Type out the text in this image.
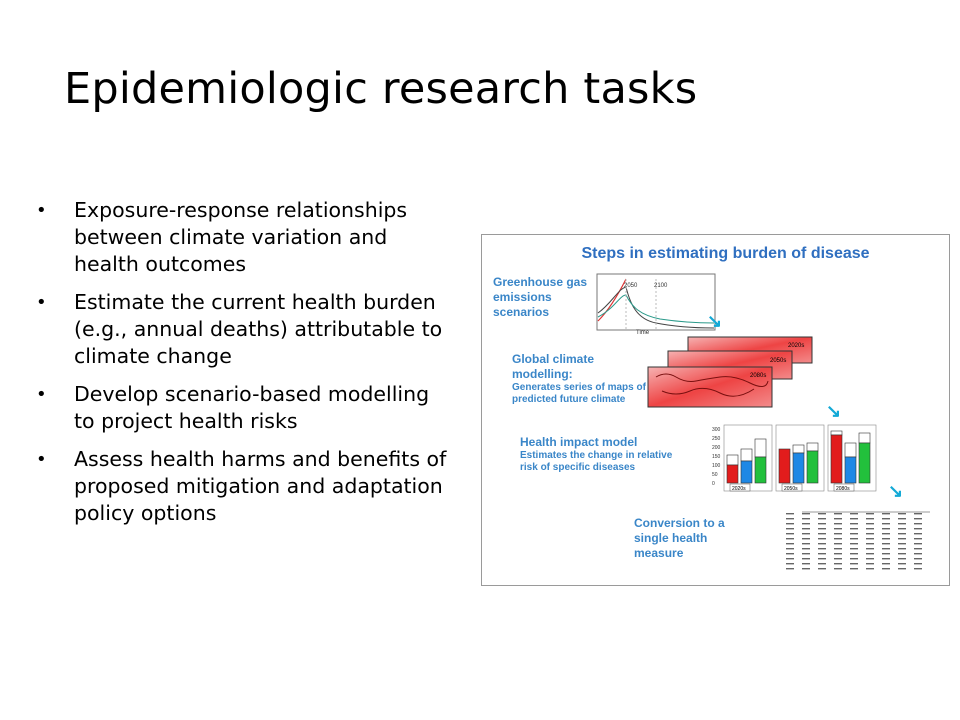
Epidemiologic research tasks
• Exposure-response relationships between climate variation and health outcomes
• Estimate the current health burden (e.g., annual deaths) attributable to climate change
• Develop scenario-based modelling to project health risks
• Assess health harms and benefits of proposed mitigation and adaptation policy options
Steps in estimating burden of disease
Greenhouse gas emissions scenarios
2050	2100
Time
↘
Global climate modelling:
Generates series of maps of predicted future climate
2020s
2050s
2080s
↘
Health impact model
Estimates the change in relative risk of specific diseases
300
250
200
150
100
50
0
2020s	2050s	2080s ↘
Conversion to a single health measure
